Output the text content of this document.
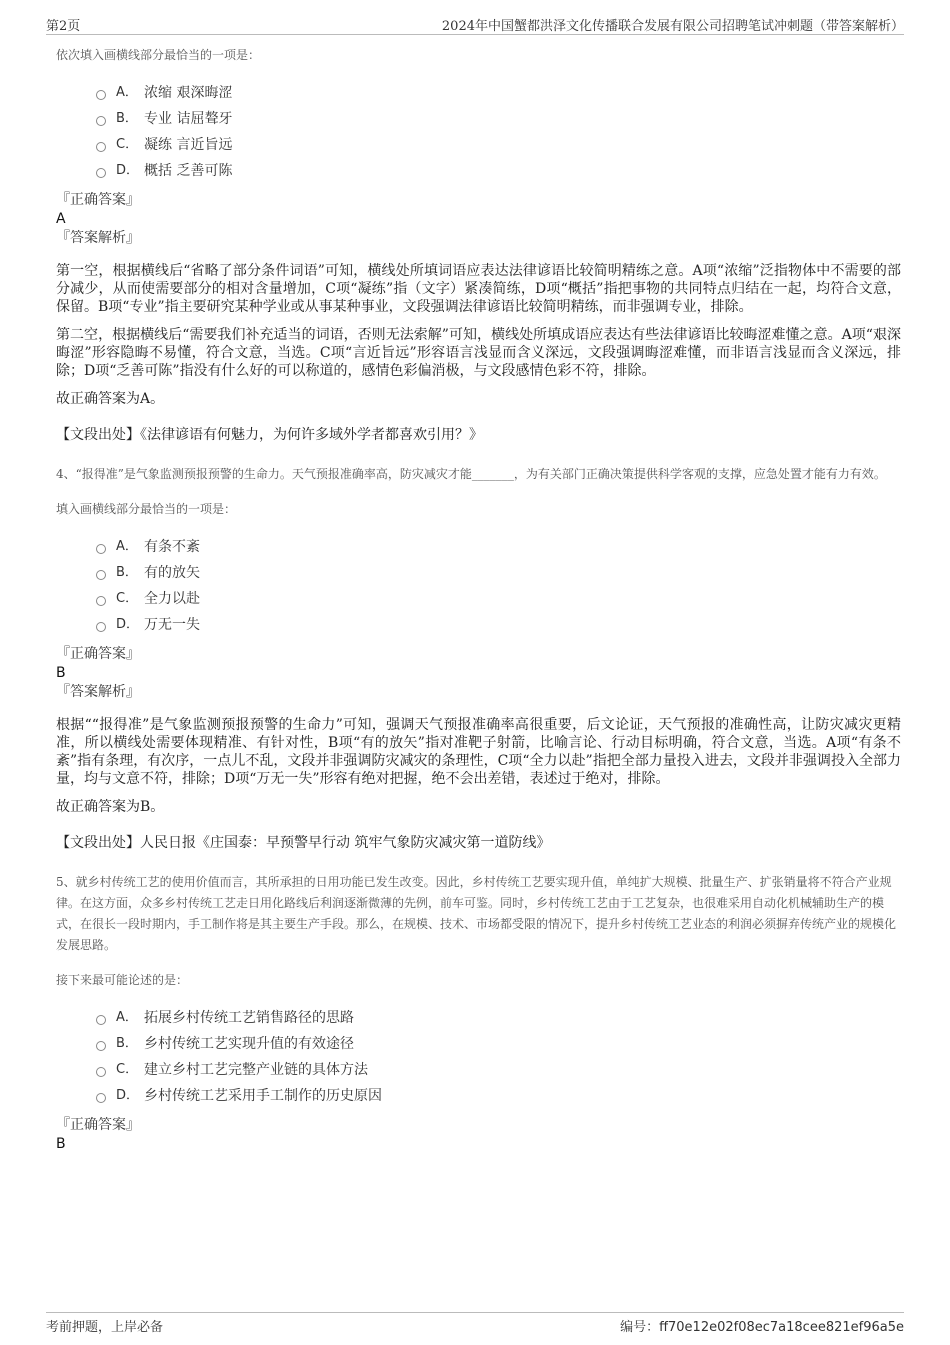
第2页	2024年中国蟹都洪泽文化传播联合发展有限公司招聘笔试冲刺题（带答案解析）

依次填入画横线部分最恰当的一项是：

A． 浓缩 艰深晦涩
B． 专业 诘屈聱牙
C． 凝练 言近旨远
D． 概括 乏善可陈

『正确答案』

A

『答案解析』

第一空，根据横线后“省略了部分条件词语”可知，横线处所填词语应表达法律谚语比较简明精练之意。A项“浓缩”泛指物体中不需要的部分减少，从而使需要部分的相对含量增加，C项“凝练”指（文字）紧凑简练，D项“概括”指把事物的共同特点归结在一起，均符合文意，保留。B项“专业”指主要研究某种学业或从事某种事业，文段强调法律谚语比较简明精练，而非强调专业，排除。

第二空，根据横线后“需要我们补充适当的词语，否则无法索解”可知，横线处所填成语应表达有些法律谚语比较晦涩难懂之意。A项“艰深晦涩”形容隐晦不易懂，符合文意，当选。C项“言近旨远”形容语言浅显而含义深远，文段强调晦涩难懂，而非语言浅显而含义深远，排除；D项“乏善可陈”指没有什么好的可以称道的，感情色彩偏消极，与文段感情色彩不符，排除。

故正确答案为A。

【文段出处】《法律谚语有何魅力，为何许多域外学者都喜欢引用？》

4、“报得准”是气象监测预报预警的生命力。天气预报准确率高，防灾减灾才能_______，为有关部门正确决策提供科学客观的支撑，应急处置才能有力有效。

填入画横线部分最恰当的一项是：

A． 有条不紊
B． 有的放矢
C． 全力以赴
D． 万无一失

『正确答案』

B

『答案解析』

根据““报得准”是气象监测预报预警的生命力”可知，强调天气预报准确率高很重要，后文论证，天气预报的准确性高，让防灾减灾更精准，所以横线处需要体现精准、有针对性，B项“有的放矢”指对准靶子射箭，比喻言论、行动目标明确，符合文意，当选。A项“有条不紊”指有条理，有次序，一点儿不乱，文段并非强调防灾减灾的条理性，C项“全力以赴”指把全部力量投入进去，文段并非强调投入全部力量，均与文意不符，排除；D项“万无一失”形容有绝对把握，绝不会出差错，表述过于绝对，排除。

故正确答案为B。

【文段出处】人民日报《庄国泰：早预警早行动 筑牢气象防灾减灾第一道防线》

5、就乡村传统工艺的使用价值而言，其所承担的日用功能已发生改变。因此，乡村传统工艺要实现升值，单纯扩大规模、批量生产、扩张销量将不符合产业规律。在这方面，众多乡村传统工艺走日用化路线后利润逐渐微薄的先例，前车可鉴。同时，乡村传统工艺由于工艺复杂，也很难采用自动化机械辅助生产的模式，在很长一段时期内，手工制作将是其主要生产手段。那么，在规模、技术、市场都受限的情况下，提升乡村传统工艺业态的利润必须摒弃传统产业的规模化发展思路。

接下来最可能论述的是：

A． 拓展乡村传统工艺销售路径的思路
B． 乡村传统工艺实现升值的有效途径
C． 建立乡村工艺完整产业链的具体方法
D． 乡村传统工艺采用手工制作的历史原因

『正确答案』

B

考前押题，上岸必备	编号：ff70e12e02f08ec7a18cee821ef96a5e
